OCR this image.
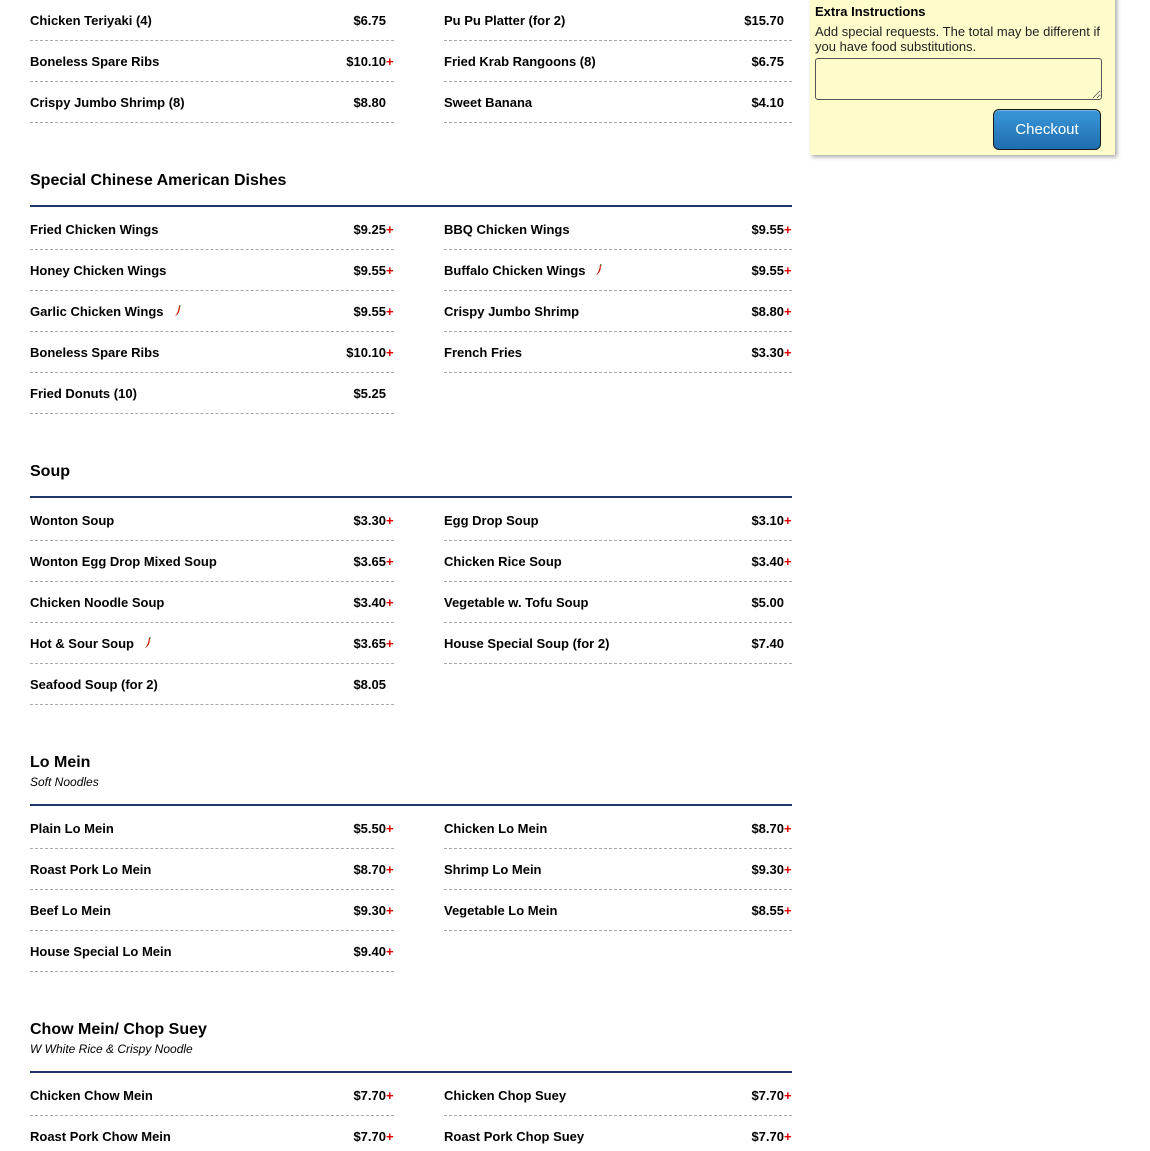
Chicken Teriyaki (4)	$6.75
Boneless Spare Ribs	$10.10 +
Crispy Jumbo Shrimp (8)	$8.80
Pu Pu Platter (for 2)	$15.70
Fried Krab Rangoons (8)	$6.75
Sweet Banana	$4.10
Special Chinese American Dishes
Fried Chicken Wings	$9.25 +
Honey Chicken Wings	$9.55 +
Garlic Chicken Wings	$9.55 +
Boneless Spare Ribs	$10.10 +
Fried Donuts (10)	$5.25
BBQ Chicken Wings	$9.55 +
Buffalo Chicken Wings	$9.55 +
Crispy Jumbo Shrimp	$8.80 +
French Fries	$3.30 +
Soup
Wonton Soup	$3.30 +
Wonton Egg Drop Mixed Soup	$3.65 +
Chicken Noodle Soup	$3.40 +
Hot & Sour Soup	$3.65 +
Seafood Soup (for 2)	$8.05
Egg Drop Soup	$3.10 +
Chicken Rice Soup	$3.40 +
Vegetable w. Tofu Soup	$5.00
House Special Soup (for 2)	$7.40
Lo Mein
Soft Noodles
Plain Lo Mein	$5.50 +
Roast Pork Lo Mein	$8.70 +
Beef Lo Mein	$9.30 +
House Special Lo Mein	$9.40 +
Chicken Lo Mein	$8.70 +
Shrimp Lo Mein	$9.30 +
Vegetable Lo Mein	$8.55 +
Chow Mein/ Chop Suey
W White Rice & Crispy Noodle
Chicken Chow Mein	$7.70 +
Roast Pork Chow Mein	$7.70 +
Chicken Chop Suey	$7.70 +
Roast Pork Chop Suey	$7.70 +
Extra Instructions
Add special requests. The total may be different if you have food substitutions.
Checkout
